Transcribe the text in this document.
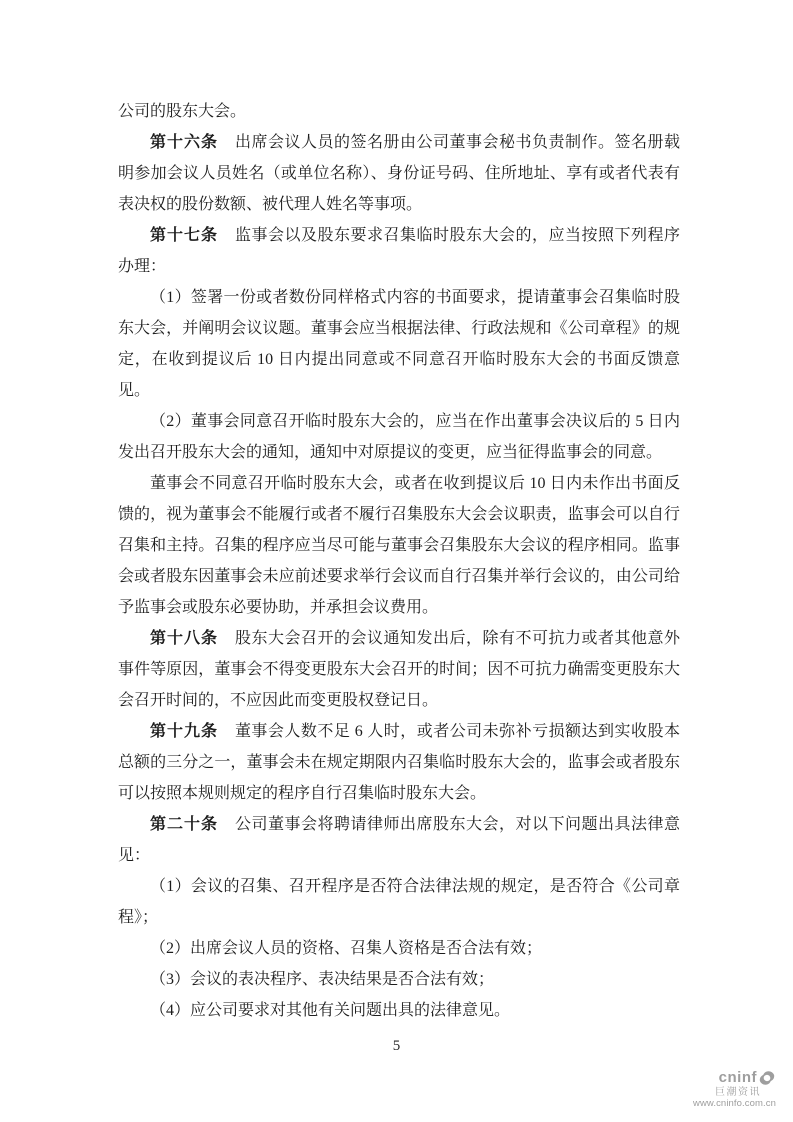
公司的股东大会。

第十六条 出席会议人员的签名册由公司董事会秘书负责制作。签名册载明参加会议人员姓名（或单位名称）、身份证号码、住所地址、享有或者代表有表决权的股份数额、被代理人姓名等事项。

第十七条 监事会以及股东要求召集临时股东大会的，应当按照下列程序办理：

（1）签署一份或者数份同样格式内容的书面要求，提请董事会召集临时股东大会，并阐明会议议题。董事会应当根据法律、行政法规和《公司章程》的规定，在收到提议后 10 日内提出同意或不同意召开临时股东大会的书面反馈意见。

（2）董事会同意召开临时股东大会的，应当在作出董事会决议后的 5 日内发出召开股东大会的通知，通知中对原提议的变更，应当征得监事会的同意。

董事会不同意召开临时股东大会，或者在收到提议后 10 日内未作出书面反馈的，视为董事会不能履行或者不履行召集股东大会会议职责，监事会可以自行召集和主持。召集的程序应当尽可能与董事会召集股东大会议的程序相同。监事会或者股东因董事会未应前述要求举行会议而自行召集并举行会议的，由公司给予监事会或股东必要协助，并承担会议费用。

第十八条 股东大会召开的会议通知发出后，除有不可抗力或者其他意外事件等原因，董事会不得变更股东大会召开的时间；因不可抗力确需变更股东大会召开时间的，不应因此而变更股权登记日。

第十九条 董事会人数不足 6 人时，或者公司未弥补亏损额达到实收股本总额的三分之一，董事会未在规定期限内召集临时股东大会的，监事会或者股东可以按照本规则规定的程序自行召集临时股东大会。

第二十条 公司董事会将聘请律师出席股东大会，对以下问题出具法律意见：

（1）会议的召集、召开程序是否符合法律法规的规定，是否符合《公司章程》；

（2）出席会议人员的资格、召集人资格是否合法有效；

（3）会议的表决程序、表决结果是否合法有效；

（4）应公司要求对其他有关问题出具的法律意见。

5
cninf
巨潮资讯
www.cninfo.com.cn
